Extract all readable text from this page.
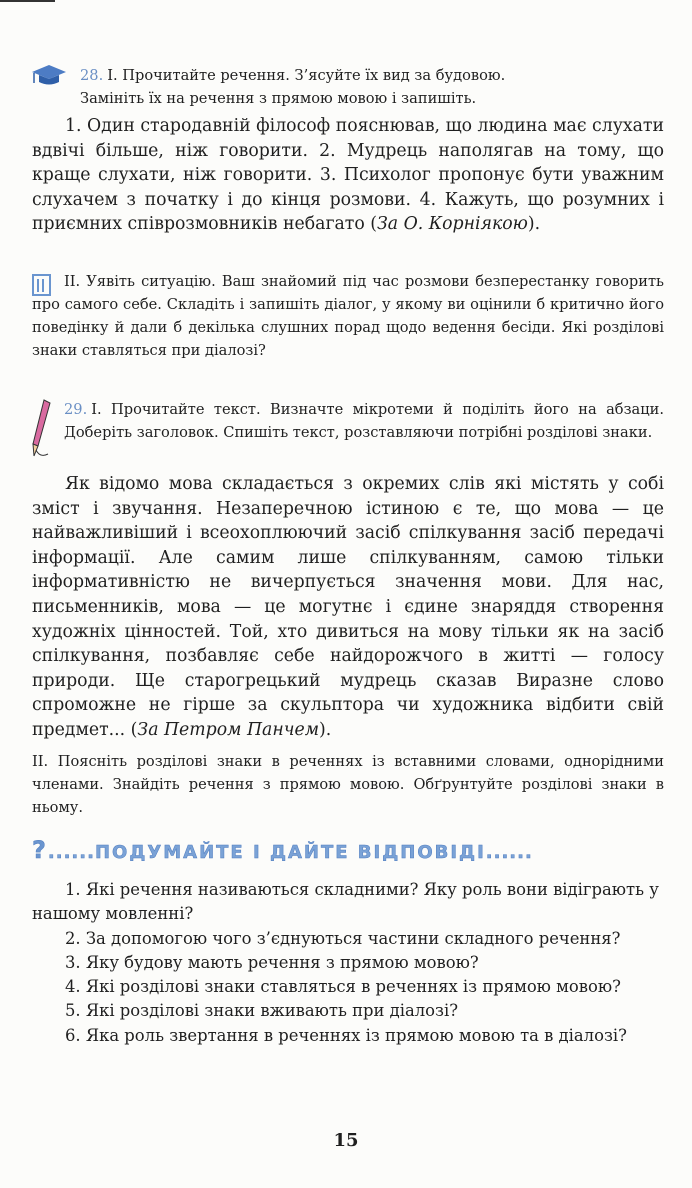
28. I. Прочитайте речення. З’ясуйте їх вид за будовою.
Замініть їх на речення з прямою мовою і запишіть.
1. Один стародавній філософ пояснював, що людина має слухати вдвічі більше, ніж говорити. 2. Мудрець наполягав на тому, що краще слухати, ніж говорити. 3. Психолог пропонує бути уважним слухачем з початку і до кінця розмови. 4. Кажуть, що розумних і приємних співрозмовників небагато (За О. Корніякою).
II. Уявіть ситуацію. Ваш знайомий під час розмови безперестанку говорить про самого себе. Складіть і запишіть діалог, у якому ви оцінили б критично його поведінку й дали б декілька слушних порад щодо ведення бесіди. Які розділові знаки ставляться при діалозі?
29. I. Прочитайте текст. Визначте мікротеми й поділіть його на абзаци. Доберіть заголовок. Спишіть текст, розставляючи потрібні розділові знаки.
Як відомо мова складається з окремих слів які містять у собі зміст і звучання. Незаперечною істиною є те, що мова — це найважливіший і всеохоплюючий засіб спілкування засіб передачі інформації. Але самим лише спілкуванням, самою тільки інформативністю не вичерпується значення мови. Для нас, письменників, мова — це могутнє і єдине знаряддя створення художніх цінностей. Той, хто дивиться на мову тільки як на засіб спілкування, позбавляє себе найдорожчого в житті — голосу природи. Ще старогрецький мудрець сказав Виразне слово спроможне не гірше за скульптора чи художника відбити свій предмет... (За Петром Панчем).
II. Поясніть розділові знаки в реченнях із вставними словами, однорідними членами. Знайдіть речення з прямою мовою. Обґрунтуйте розділові знаки в ньому.
?......ПОДУМАЙТЕ І ДАЙТЕ ВІДПОВІДІ......
1. Які речення називаються складними? Яку роль вони відіграють у нашому мовленні?
2. За допомогою чого з’єднуються частини складного речення?
3. Яку будову мають речення з прямою мовою?
4. Які розділові знаки ставляться в реченнях із прямою мовою?
5. Які розділові знаки вживають при діалозі?
6. Яка роль звертання в реченнях із прямою мовою та в діалозі?
15
